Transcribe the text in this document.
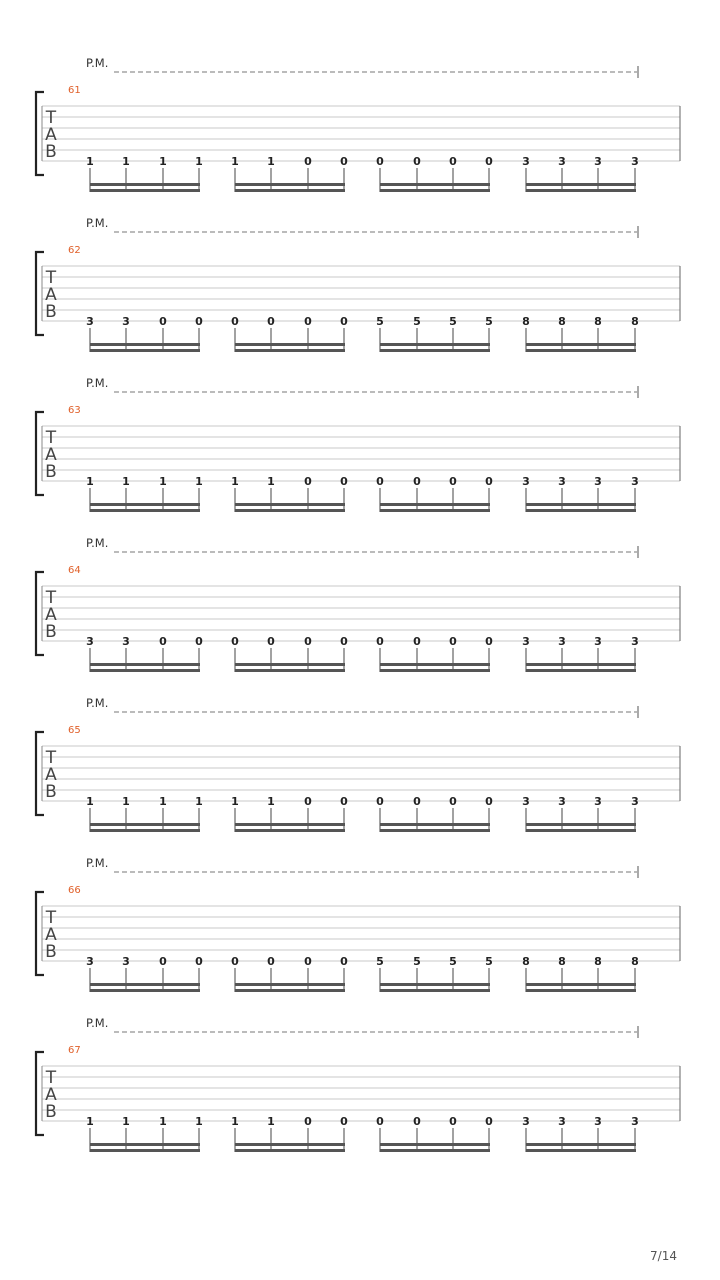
P.M.
61
T
A
B	1	1	1	1	1	1	0	0	0	0	0	0	3	3	3	3
P.M.
62
T
A
B	3	3	0	0	0	0	0	0	5	5	5	5	8	8	8	8
P.M.
63
T
A
B	1	1	1	1	1	1	0	0	0	0	0	0	3	3	3	3
P.M.
64
T
A
B	3	3	0	0	0	0	0	0	0	0	0	0	3	3	3	3
P.M.
65
T
A
B	1	1	1	1	1	1	0	0	0	0	0	0	3	3	3	3
P.M.
66
T
A
B	3	3	0	0	0	0	0	0	5	5	5	5	8	8	8	8
P.M.
67
T
A
B	1	1	1	1	1	1	0	0	0	0	0	0	3	3	3	3
7/14
